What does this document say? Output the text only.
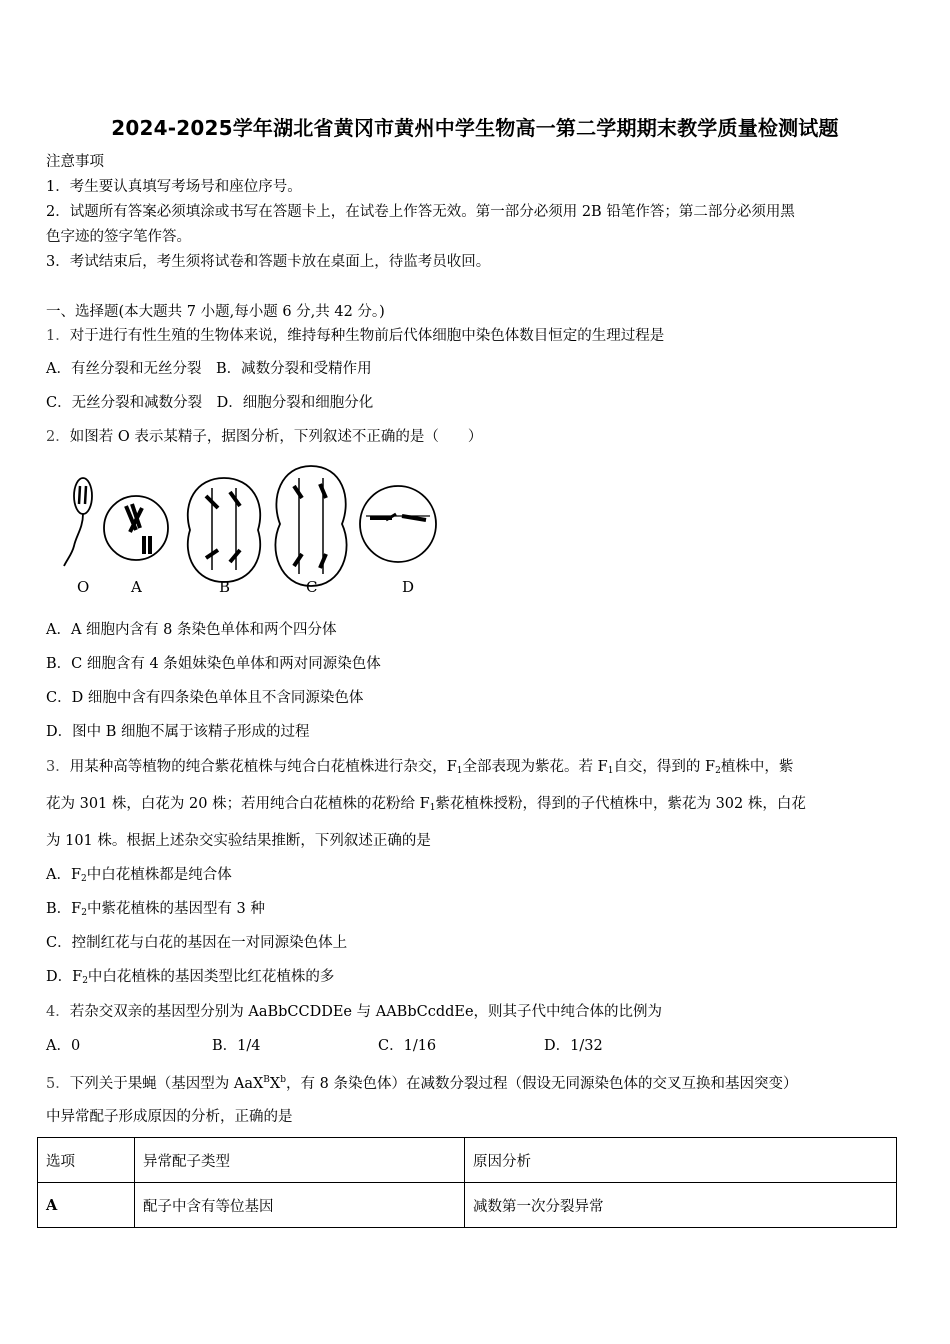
2024-2025学年湖北省黄冈市黄州中学生物高一第二学期期末教学质量检测试题
注意事项
1．考生要认真填写考场号和座位序号。
2．试题所有答案必须填涂或书写在答题卡上，在试卷上作答无效。第一部分必须用 2B 铅笔作答；第二部分必须用黑
色字迹的签字笔作答。
3．考试结束后，考生须将试卷和答题卡放在桌面上，待监考员收回。
一、选择题(本大题共 7 小题,每小题 6 分,共 42 分。)
1．对于进行有性生殖的生物体来说，维持每种生物前后代体细胞中染色体数目恒定的生理过程是
A．有丝分裂和无丝分裂　B．减数分裂和受精作用
C．无丝分裂和减数分裂　D．细胞分裂和细胞分化
2．如图若 O 表示某精子，据图分析，下列叙述不正确的是（　　）
O	A	B	C	D
A．A 细胞内含有 8 条染色单体和两个四分体
B．C 细胞含有 4 条姐妹染色单体和两对同源染色体
C．D 细胞中含有四条染色单体且不含同源染色体
D．图中 B 细胞不属于该精子形成的过程
3．用某种高等植物的纯合紫花植株与纯合白花植株进行杂交，$F_1$全部表现为紫花。若 $F_1$自交，得到的 $F_2$植株中，紫
花为 301 株，白花为 20 株；若用纯合白花植株的花粉给 $F_1$紫花植株授粉，得到的子代植株中，紫花为 302 株，白花
为 101 株。根据上述杂交实验结果推断，下列叙述正确的是
A．$F_2$中白花植株都是纯合体
B．$F_2$中紫花植株的基因型有 3 种
C．控制红花与白花的基因在一对同源染色体上
D．$F_2$中白花植株的基因类型比红花植株的多
4．若杂交双亲的基因型分别为 AaBbCCDDEe 与 AABbCcddEe，则其子代中纯合体的比例为
A．0	B．1/4	C．1/16	D．1/32
5．下列关于果蝇（基因型为 $AaX^BX^b$，有 8 条染色体）在减数分裂过程（假设无同源染色体的交叉互换和基因突变）
中异常配子形成原因的分析，正确的是
选项	异常配子类型	原因分析
A	配子中含有等位基因	减数第一次分裂异常
